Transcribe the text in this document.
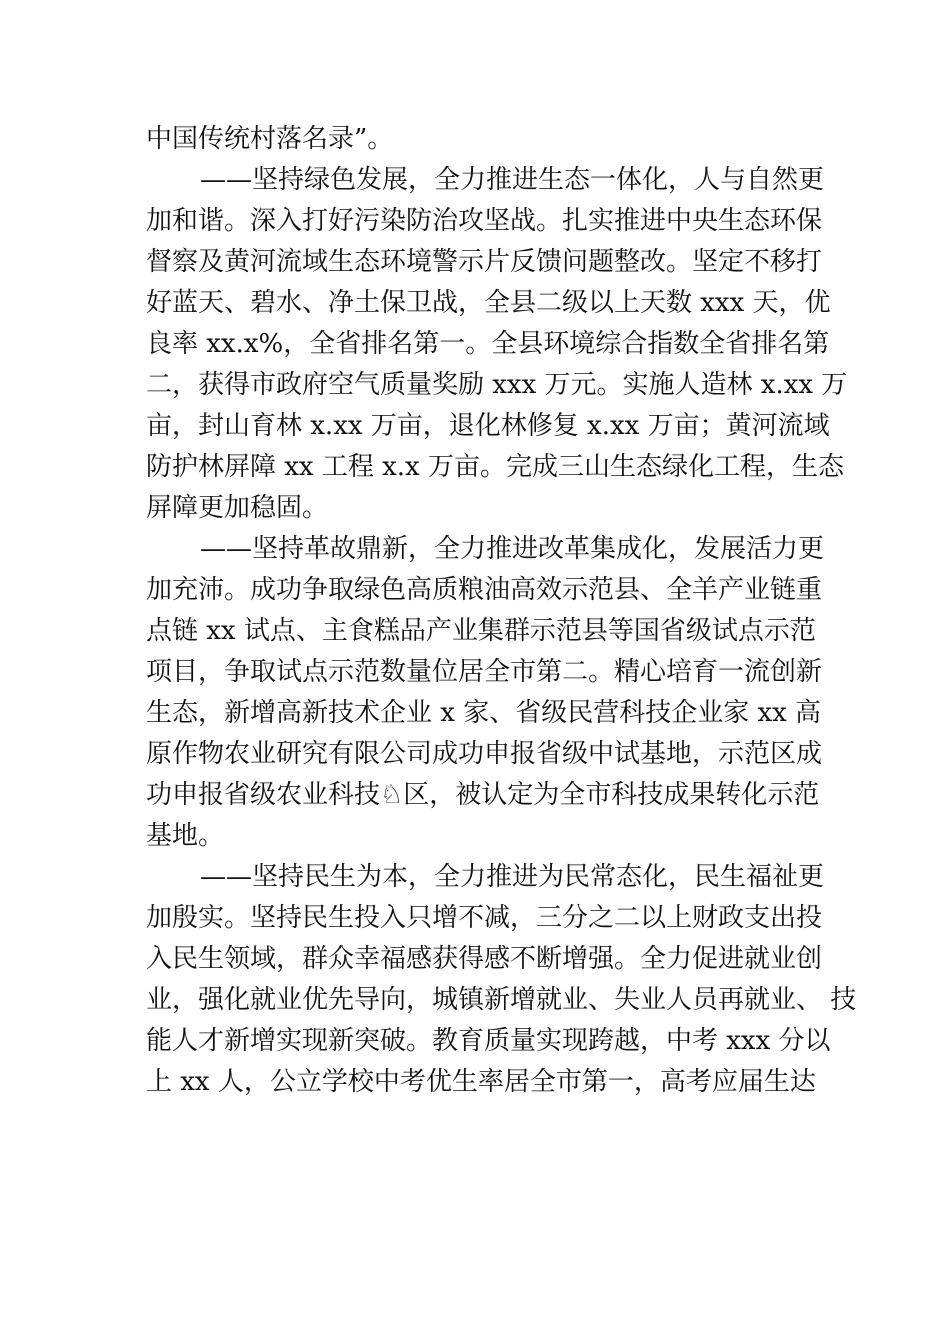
中国传统村落名录”。
——坚持绿色发展，全力推进生态一体化，人与自然更
加和谐。深入打好污染防治攻坚战。扎实推进中央生态环保
督察及黄河流域生态环境警示片反馈问题整改。坚定不移打
好蓝天、碧水、净土保卫战，全县二级以上天数 xxx 天，优
良率 xx.x%，全省排名第一。全县环境综合指数全省排名第
二，获得市政府空气质量奖励 xxx 万元。实施人造林 x.xx 万
亩，封山育林 x.xx 万亩，退化林修复 x.xx 万亩；黄河流域
防护林屏障 xx 工程 x.x 万亩。完成三山生态绿化工程，生态
屏障更加稳固。
——坚持革故鼎新，全力推进改革集成化，发展活力更
加充沛。成功争取绿色高质粮油高效示范县、全羊产业链重
点链 xx 试点、主食糕品产业集群示范县等国省级试点示范
项目，争取试点示范数量位居全市第二。精心培育一流创新
生态，新增高新技术企业 x 家、省级民营科技企业家 xx 高
原作物农业研究有限公司成功申报省级中试基地，示范区成
功申报省级农业科技♘区，被认定为全市科技成果转化示范
基地。
——坚持民生为本，全力推进为民常态化，民生福祉更
加殷实。坚持民生投入只增不减，三分之二以上财政支出投
入民生领域，群众幸福感获得感不断增强。全力促进就业创
业，强化就业优先导向，城镇新增就业、失业人员再就业、 技
能人才新增实现新突破。教育质量实现跨越，中考 xxx 分以
上 xx 人，公立学校中考优生率居全市第一，高考应届生达
